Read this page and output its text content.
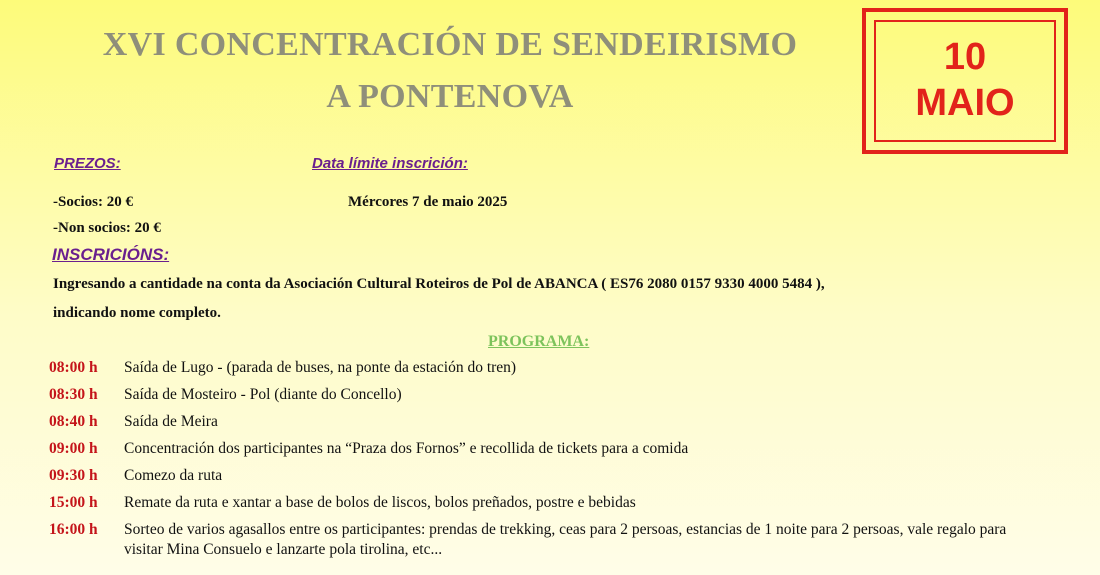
XVI CONCENTRACIÓN DE SENDEIRISMO
A PONTENOVA
10
MAIO
PREZOS:	Data límite inscrición:
-Socios: 20 €
-Non socios: 20 €
Mércores 7 de maio 2025
INSCRICIÓNS:
Ingresando a cantidade na conta da Asociación Cultural Roteiros de Pol de ABANCA ( ES76 2080 0157 9330 4000 5484 ),
indicando nome completo.
PROGRAMA:
08:00 h	Saída de Lugo - (parada de buses, na ponte da estación do tren)
08:30 h	Saída de Mosteiro - Pol (diante do Concello)
08:40 h	Saída de Meira
09:00 h	Concentración dos participantes na “Praza dos Fornos” e recollida de tickets para a comida
09:30 h	Comezo da ruta
15:00 h	Remate da ruta e xantar a base de bolos de liscos, bolos preñados, postre e bebidas
16:00 h	Sorteo de varios agasallos entre os participantes: prendas de trekking, ceas para 2 persoas, estancias de 1 noite para 2 persoas, vale regalo para visitar Mina Consuelo e lanzarte pola tirolina, etc...
